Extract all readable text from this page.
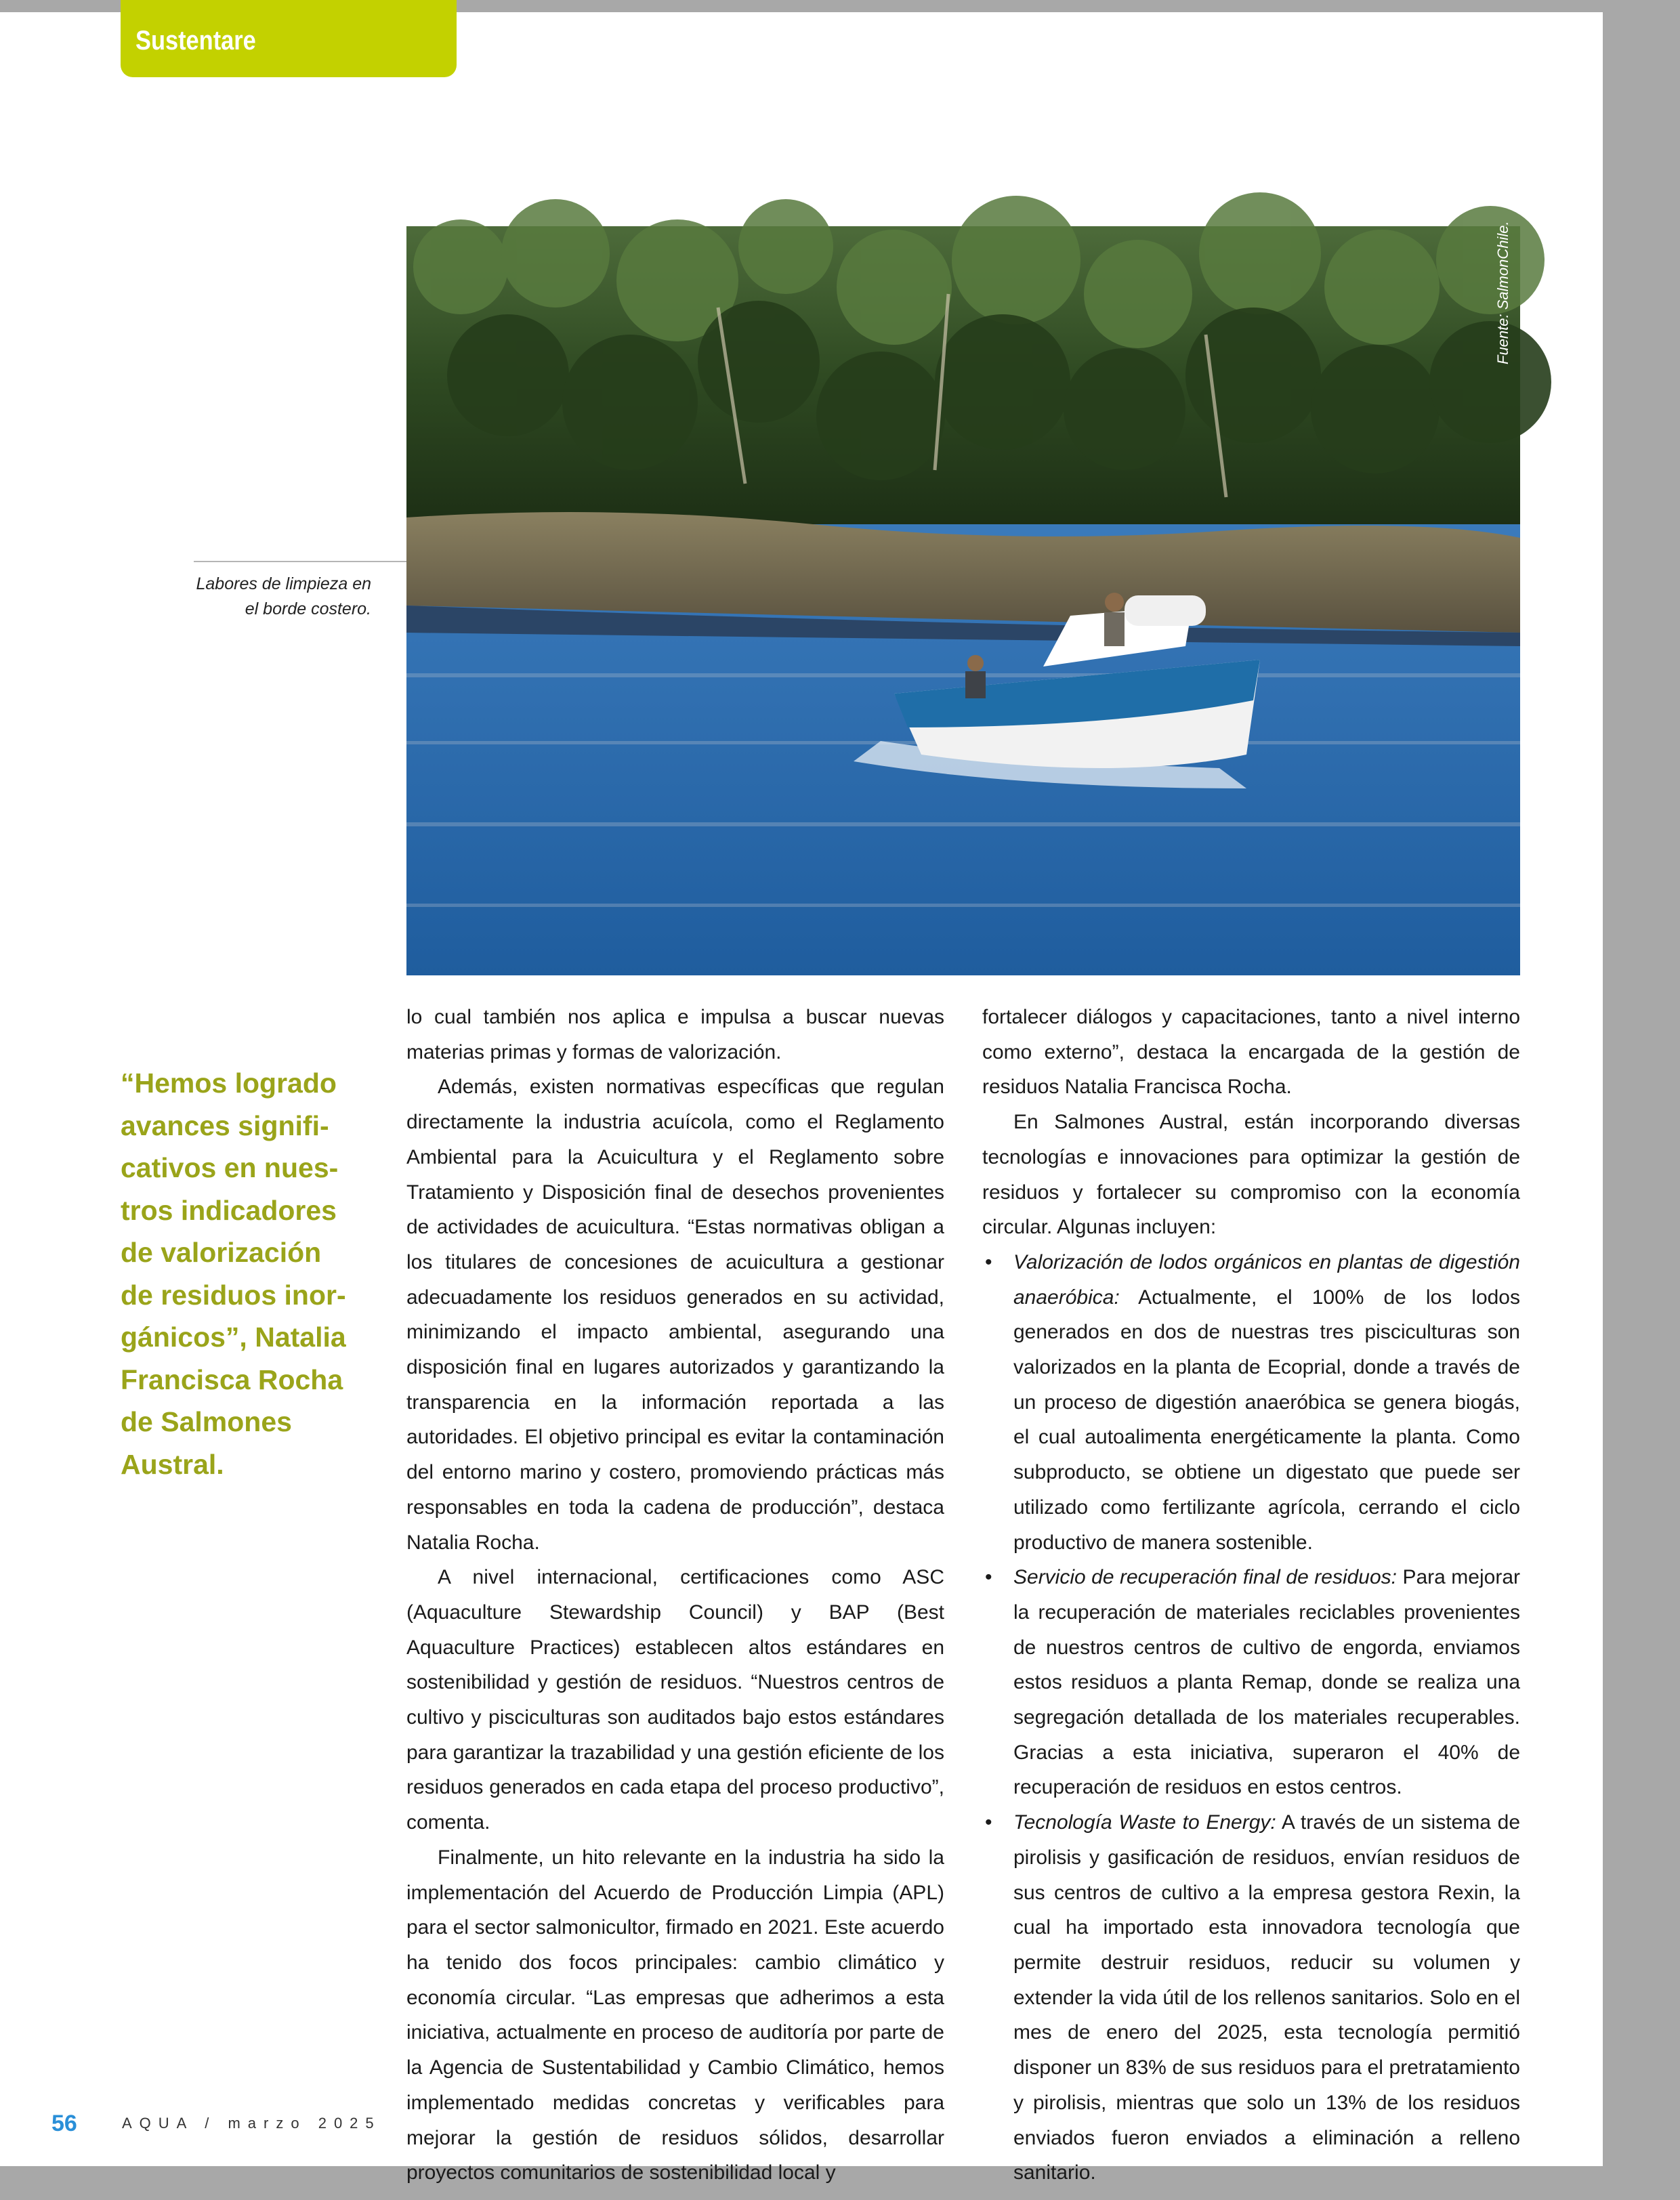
Sustentare
Fuente: SalmonChile.
Labores de limpieza en
el borde costero.
“Hemos logrado
avances signifi-
cativos en nues-
tros indicadores
de valorización
de residuos inor-
gánicos”, Natalia
Francisca Rocha
de Salmones
Austral.

lo cual también nos aplica e impulsa a buscar nuevas materias primas y formas de valorización.

Además, existen normativas específicas que regulan directamente la industria acuícola, como el Reglamento Ambiental para la Acuicultura y el Reglamento sobre Tratamiento y Disposición final de desechos provenientes de actividades de acuicultura. “Estas normativas obligan a los titulares de concesiones de acuicultura a gestionar adecuadamente los residuos generados en su actividad, minimizando el impacto ambiental, asegurando una disposición final en lugares autorizados y garantizando la transparencia en la información reportada a las autoridades. El objetivo principal es evitar la contaminación del entorno marino y costero, promoviendo prácticas más responsables en toda la cadena de producción”, destaca Natalia Rocha.

A nivel internacional, certificaciones como ASC (Aquaculture Stewardship Council) y BAP (Best Aquaculture Practices) establecen altos estándares en sostenibilidad y gestión de residuos. “Nuestros centros de cultivo y pisciculturas son auditados bajo estos estándares para garantizar la trazabilidad y una gestión eficiente de los residuos generados en cada etapa del proceso productivo”, comenta.

Finalmente, un hito relevante en la industria ha sido la implementación del Acuerdo de Producción Limpia (APL) para el sector salmonicultor, firmado en 2021. Este acuerdo ha tenido dos focos principales: cambio climático y economía circular. “Las empresas que adherimos a esta iniciativa, actualmente en proceso de auditoría por parte de la Agencia de Sustentabilidad y Cambio Climático, hemos implementado medidas concretas y verificables para mejorar la gestión de residuos sólidos, desarrollar proyectos comunitarios de sostenibilidad local y

fortalecer diálogos y capacitaciones, tanto a nivel interno como externo”, destaca la encargada de la gestión de residuos Natalia Francisca Rocha.

En Salmones Austral, están incorporando diversas tecnologías e innovaciones para optimizar la gestión de residuos y fortalecer su compromiso con la economía circular. Algunas incluyen:

• Valorización de lodos orgánicos en plantas de digestión anaeróbica: Actualmente, el 100% de los lodos generados en dos de nuestras tres pisciculturas son valorizados en la planta de Ecoprial, donde a través de un proceso de digestión anaeróbica se genera biogás, el cual autoalimenta energéticamente la planta. Como subproducto, se obtiene un digestato que puede ser utilizado como fertilizante agrícola, cerrando el ciclo productivo de manera sostenible.
• Servicio de recuperación final de residuos: Para mejorar la recuperación de materiales reciclables provenientes de nuestros centros de cultivo de engorda, enviamos estos residuos a planta Remap, donde se realiza una segregación detallada de los materiales recuperables. Gracias a esta iniciativa, superaron el 40% de recuperación de residuos en estos centros.
• Tecnología Waste to Energy: A través de un sistema de pirolisis y gasificación de residuos, envían residuos de sus centros de cultivo a la empresa gestora Rexin, la cual ha importado esta innovadora tecnología que permite destruir residuos, reducir su volumen y extender la vida útil de los rellenos sanitarios. Solo en el mes de enero del 2025, esta tecnología permitió disponer un 83% de sus residuos para el pretratamiento y pirolisis, mientras que solo un 13% de los residuos enviados fueron enviados a eliminación a relleno sanitario.
56	AQUA / marzo 2025
